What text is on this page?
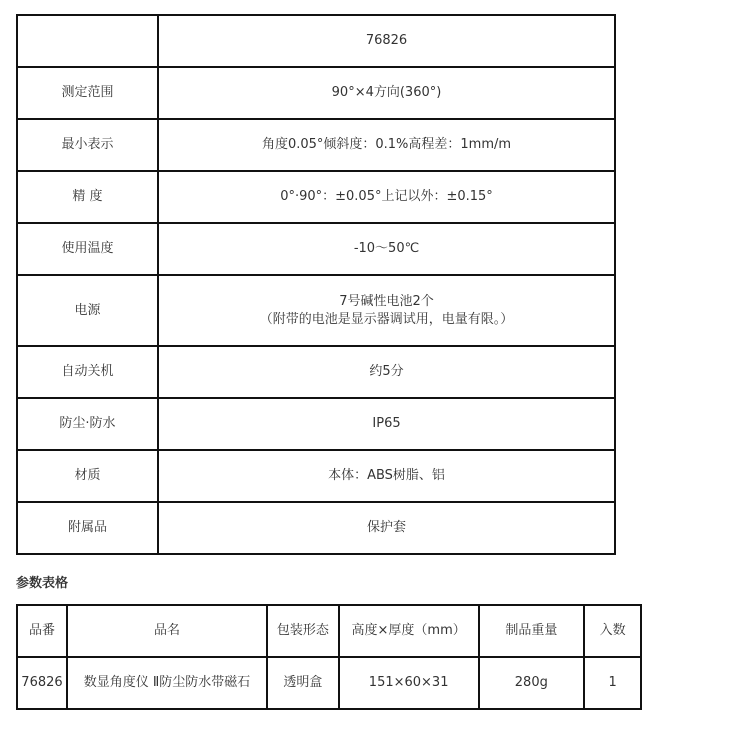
	76826
测定范围	90°×4方向(360°)
最小表示	角度0.05°倾斜度：0.1%高程差：1mm/m
精 度	0°·90°：±0.05°上记以外：±0.15°
使用温度	-10～50℃
电源	7号碱性电池2个
（附带的电池是显示器调试用，电量有限。）

自动关机	约5分
防尘·防水	IP65
材质	本体：ABS树脂、铝
附属品	保护套
参数表格
品番	品名	包装形态	高度×厚度（mm）	制品重量	入数
76826	数显角度仪 Ⅱ防尘防水带磁石	透明盒	151×60×31	280g	1
